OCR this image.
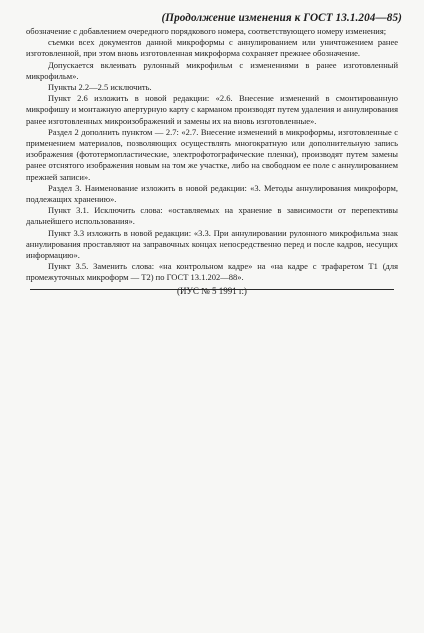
(Продолжение изменения к ГОСТ 13.1.204—85)

обозначение с добавлением очередного порядкового номера, соответствующего номеру изменения;

съемки всех документов данной микроформы с аннулированием или уничтожением ранее изготовленной, при этом вновь изготовленная микроформа сохраняет прежнее обозначение.

Допускается вклеивать рулонный микрофильм с изменениями в ранее изготовленный микрофильм».

Пункты 2.2—2.5 исключить.

Пункт 2.6 изложить в новой редакции: «2.6. Внесение изменений в смонтированную микрофишу и монтажную апертурную карту с карманом производят путем удаления и аннулирования ранее изготовленных микроизображений и замены их на вновь изготовленные».

Раздел 2 дополнить пунктом — 2.7: «2.7. Внесение изменений в микроформы, изготовленные с применением материалов, позволяющих осуществлять многократную или дополнительную запись изображения (фототермопластические, электрофотографические пленки), производят путем замены ранее отснятого изображения новым на том же участке, либо на свободном ее поле с аннулированием прежней записи».

Раздел 3. Наименование изложить в новой редакции: «3. Методы аннулирования микроформ, подлежащих хранению».

Пункт 3.1. Исключить слова: «оставляемых на хранение в зависимости от перепективы дальнейшего использования».

Пункт 3.3 изложить в новой редакции: «3.3. При аннулировании рулонного микрофильма знак аннулирования проставляют на заправочных концах непосредственно перед и после кадров, несущих информацию».

Пункт 3.5. Заменить слова: «на контрольном кадре» на «на кадре с трафаретом Т1 (для промежуточных микроформ — Т2) по ГОСТ 13.1.202—88».

(ИУС № 5 1991 г.)
